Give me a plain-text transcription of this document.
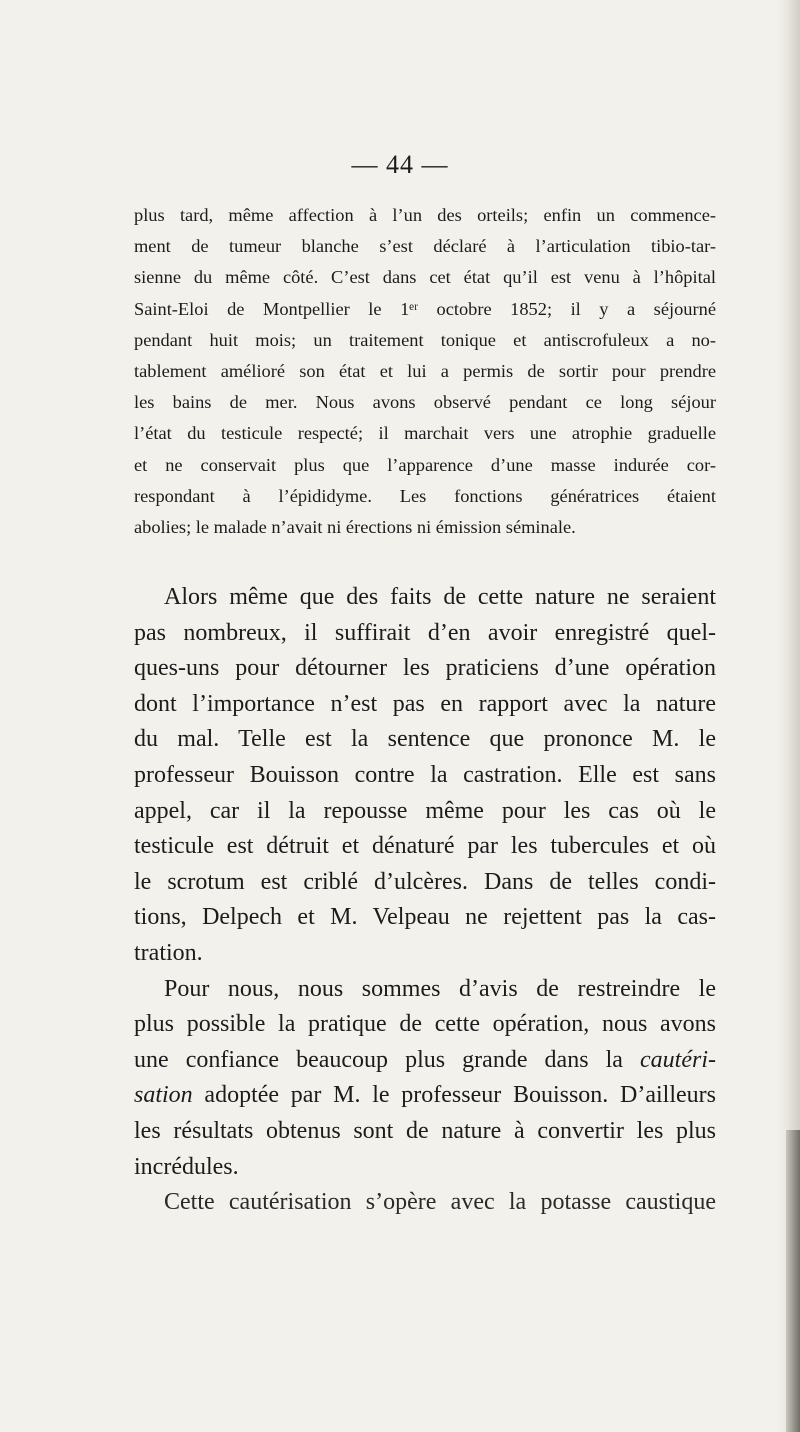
— 44 —
plus tard, même affection à l’un des orteils; enfin un commence-
ment de tumeur blanche s’est déclaré à l’articulation tibio-tar-
sienne du même côté. C’est dans cet état qu’il est venu à l’hôpital
Saint-Eloi de Montpellier le 1ᵉʳ octobre 1852; il y a séjourné
pendant huit mois; un traitement tonique et antiscrofuleux a no-
tablement amélioré son état et lui a permis de sortir pour prendre
les bains de mer. Nous avons observé pendant ce long séjour
l’état du testicule respecté; il marchait vers une atrophie graduelle
et ne conservait plus que l’apparence d’une masse indurée cor-
respondant à l’épididyme. Les fonctions génératrices étaient
abolies; le malade n’avait ni érections ni émission séminale.
Alors même que des faits de cette nature ne seraient
pas nombreux, il suffirait d’en avoir enregistré quel-
ques-uns pour détourner les praticiens d’une opération
dont l’importance n’est pas en rapport avec la nature
du mal. Telle est la sentence que prononce M. le
professeur Bouisson contre la castration. Elle est sans
appel, car il la repousse même pour les cas où le
testicule est détruit et dénaturé par les tubercules et où
le scrotum est criblé d’ulcères. Dans de telles condi-
tions, Delpech et M. Velpeau ne rejettent pas la cas-
tration.
Pour nous, nous sommes d’avis de restreindre le
plus possible la pratique de cette opération, nous avons
une confiance beaucoup plus grande dans la cautéri-
sation adoptée par M. le professeur Bouisson. D’ailleurs
les résultats obtenus sont de nature à convertir les plus
incrédules.
Cette cautérisation s’opère avec la potasse caustique
